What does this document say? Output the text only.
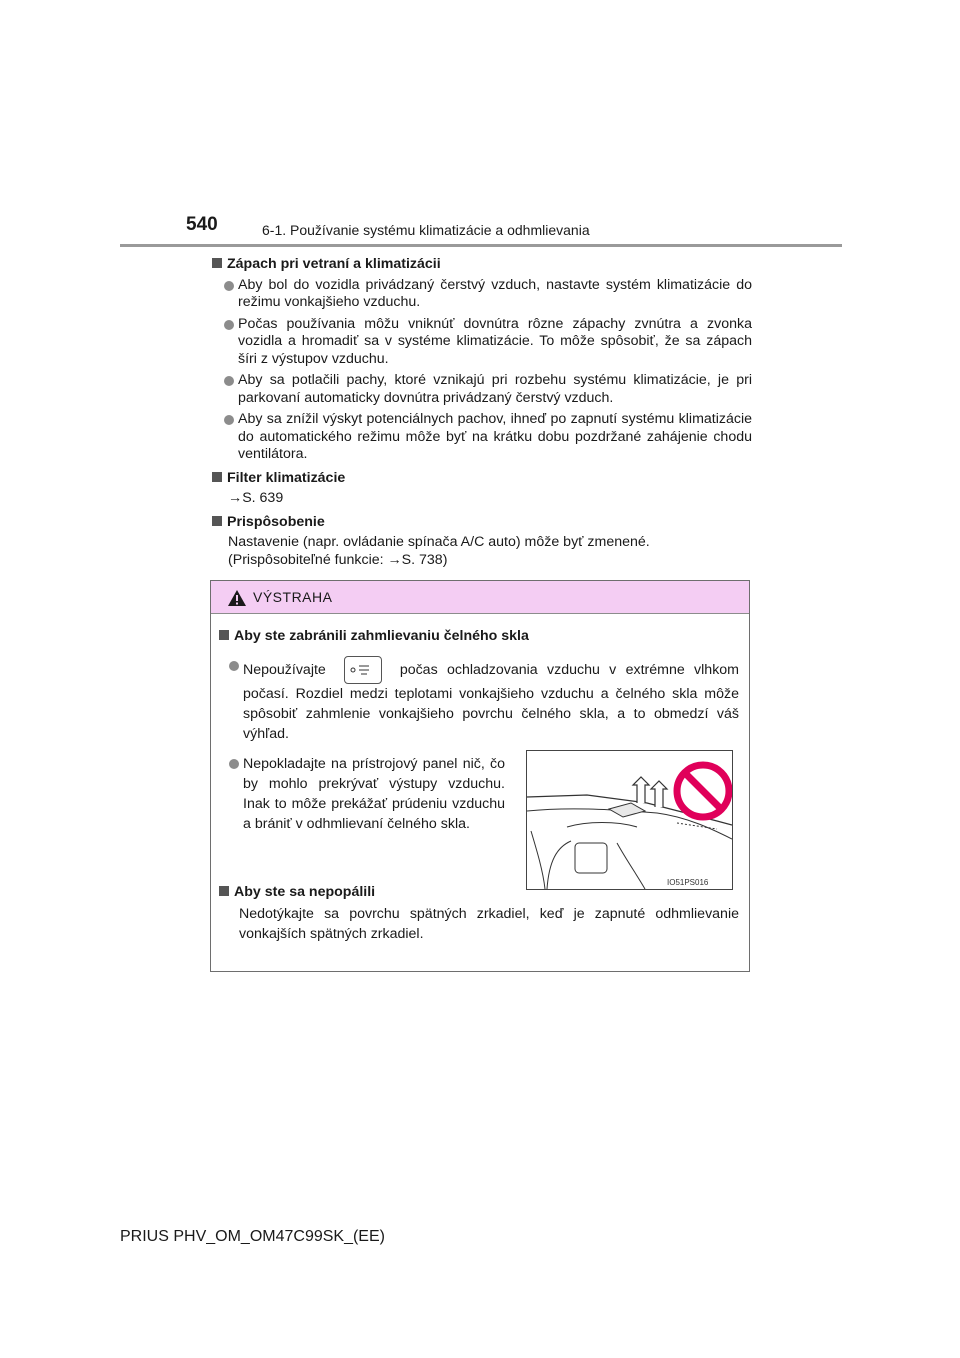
540	6-1. Používanie systému klimatizácie a odhmlievania
Zápach pri vetraní a klimatizácii
Aby bol do vozidla privádzaný čerstvý vzduch, nastavte systém klimatizácie do režimu vonkajšieho vzduchu.
Počas používania môžu vniknúť dovnútra rôzne zápachy zvnútra a zvonka vozidla a hromadiť sa v systéme klimatizácie. To môže spôsobiť, že sa zápach šíri z výstupov vzduchu.
Aby sa potlačili pachy, ktoré vznikajú pri rozbehu systému klimatizácie, je pri parkovaní automaticky dovnútra privádzaný čerstvý vzduch.
Aby sa znížil výskyt potenciálnych pachov, ihneď po zapnutí systému klimatizácie do automatického režimu môže byť na krátku dobu pozdržané zahájenie chodu ventilátora.
Filter klimatizácie
→S. 639
Prispôsobenie
Nastavenie (napr. ovládanie spínača A/C auto) môže byť zmenené.
(Prispôsobiteľné funkcie: →S. 738)
VÝSTRAHA
Aby ste zabránili zahmlievaniu čelného skla
Nepoužívajte	počas ochladzovania vzduchu v extrémne vlhkom počasí. Rozdiel medzi teplotami vonkajšieho vzduchu a čelného skla môže spôsobiť zahmlenie vonkajšieho povrchu čelného skla, a to obmedzí váš výhľad.
Nepokladajte na prístrojový panel nič, čo by mohlo prekrývať výstupy vzduchu. Inak to môže prekážať prúdeniu vzduchu a brániť v odhmlievaní čelného skla.
Aby ste sa nepopálili
Nedotýkajte sa povrchu spätných zrkadiel, keď je zapnuté odhmlievanie vonkajších spätných zrkadiel.
IO51PS016
PRIUS PHV_OM_OM47C99SK_(EE)
